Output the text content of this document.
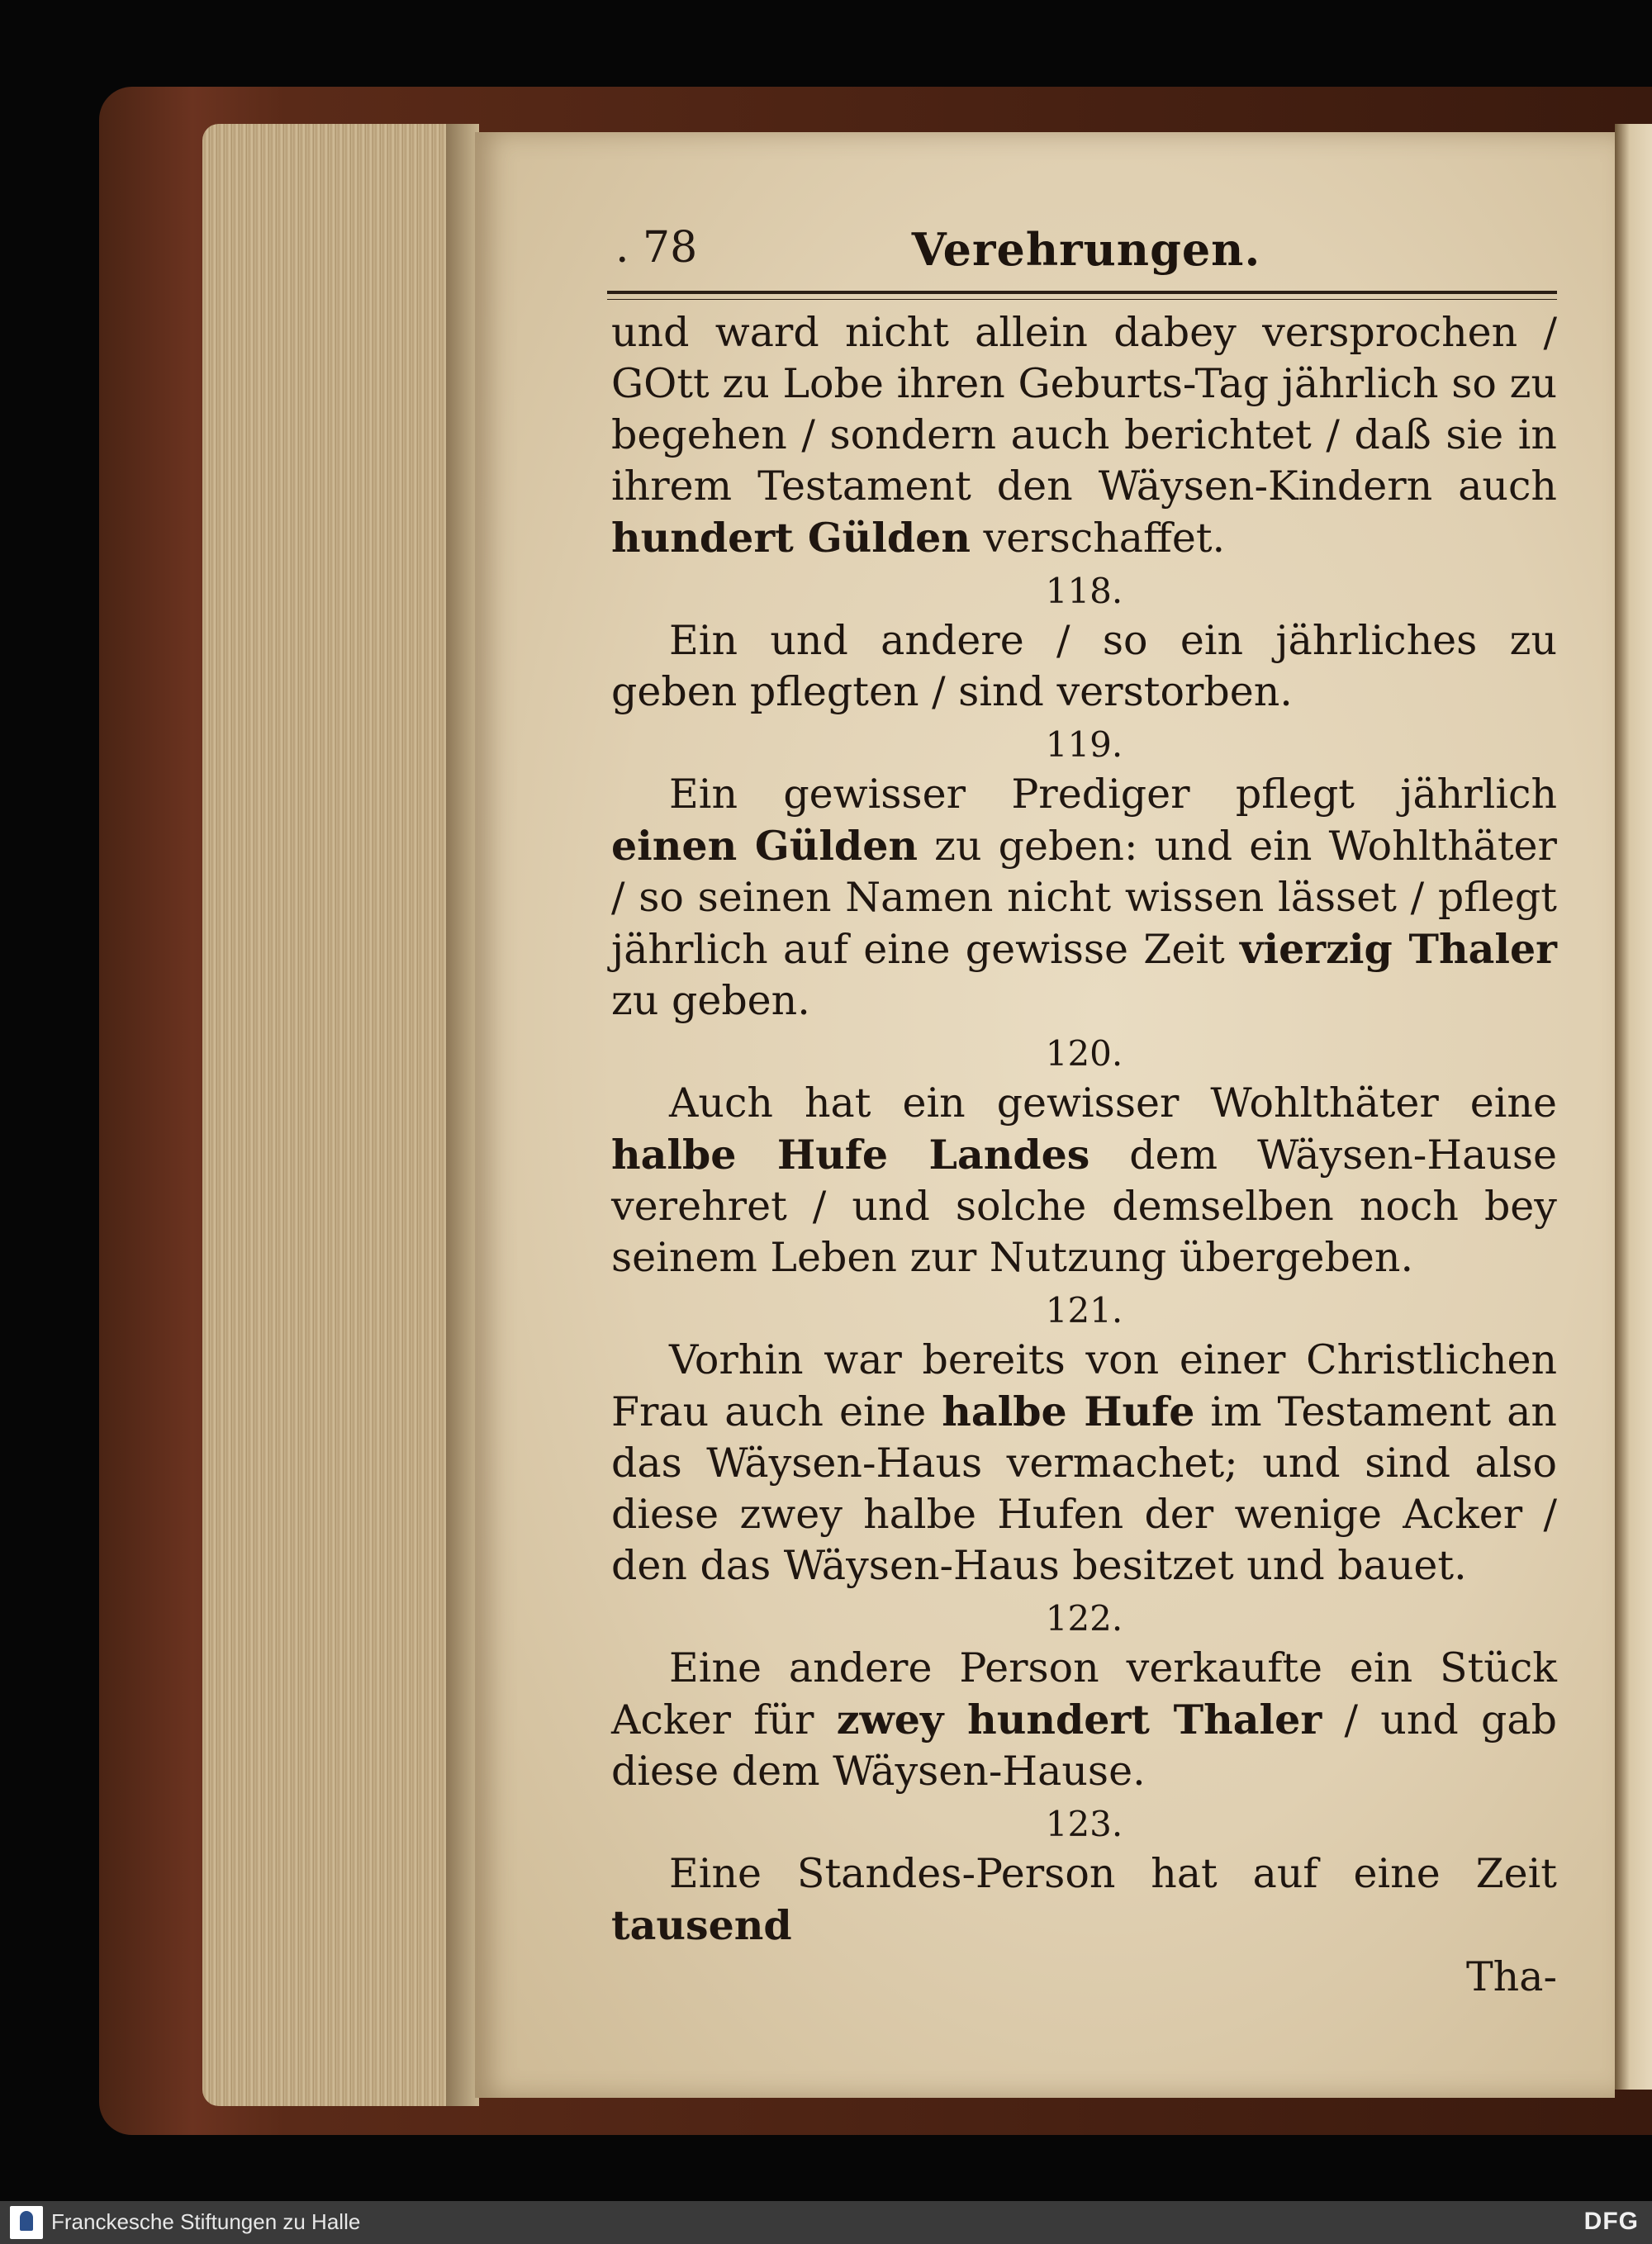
. 78	Verehrungen.

und ward nicht allein dabey versprochen / GOtt zu Lobe ihren Geburts-Tag jährlich so zu begehen / sondern auch berichtet / daß sie in ihrem Testament den Wäysen-Kindern auch hundert Gülden verschaffet.

118.

Ein und andere / so ein jährliches zu geben pflegten / sind verstorben.

119.

Ein gewisser Prediger pflegt jährlich einen Gülden zu geben: und ein Wohlthäter / so seinen Namen nicht wissen lässet / pflegt jährlich auf eine gewisse Zeit vierzig Thaler zu geben.

120.

Auch hat ein gewisser Wohlthäter eine halbe Hufe Landes dem Wäysen-Hause verehret / und solche demselben noch bey seinem Leben zur Nutzung übergeben.

121.

Vorhin war bereits von einer Christlichen Frau auch eine halbe Hufe im Testament an das Wäysen-Haus vermachet; und sind also diese zwey halbe Hufen der wenige Acker / den das Wäysen-Haus besitzet und bauet.

122.

Eine andere Person verkaufte ein Stück Acker für zwey hundert Thaler / und gab diese dem Wäysen-Hause.

123.

Eine Standes-Person hat auf eine Zeit tausend

Tha-

Franckesche Stiftungen zu Halle	DFG
